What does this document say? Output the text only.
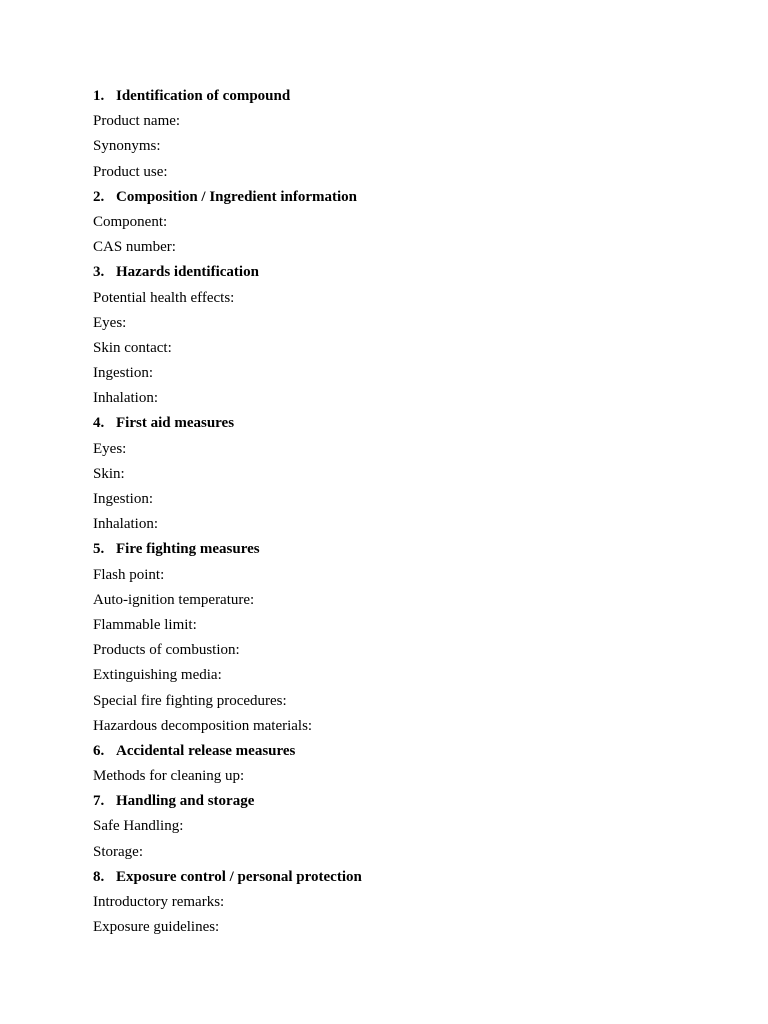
1. Identification of compound
Product name:
Synonyms:
Product use:
2. Composition / Ingredient information
Component:
CAS number:
3. Hazards identification
Potential health effects:
Eyes:
Skin contact:
Ingestion:
Inhalation:
4. First aid measures
Eyes:
Skin:
Ingestion:
Inhalation:
5. Fire fighting measures
Flash point:
Auto-ignition temperature:
Flammable limit:
Products of combustion:
Extinguishing media:
Special fire fighting procedures:
Hazardous decomposition materials:
6. Accidental release measures
Methods for cleaning up:
7. Handling and storage
Safe Handling:
Storage:
8. Exposure control / personal protection
Introductory remarks:
Exposure guidelines:
